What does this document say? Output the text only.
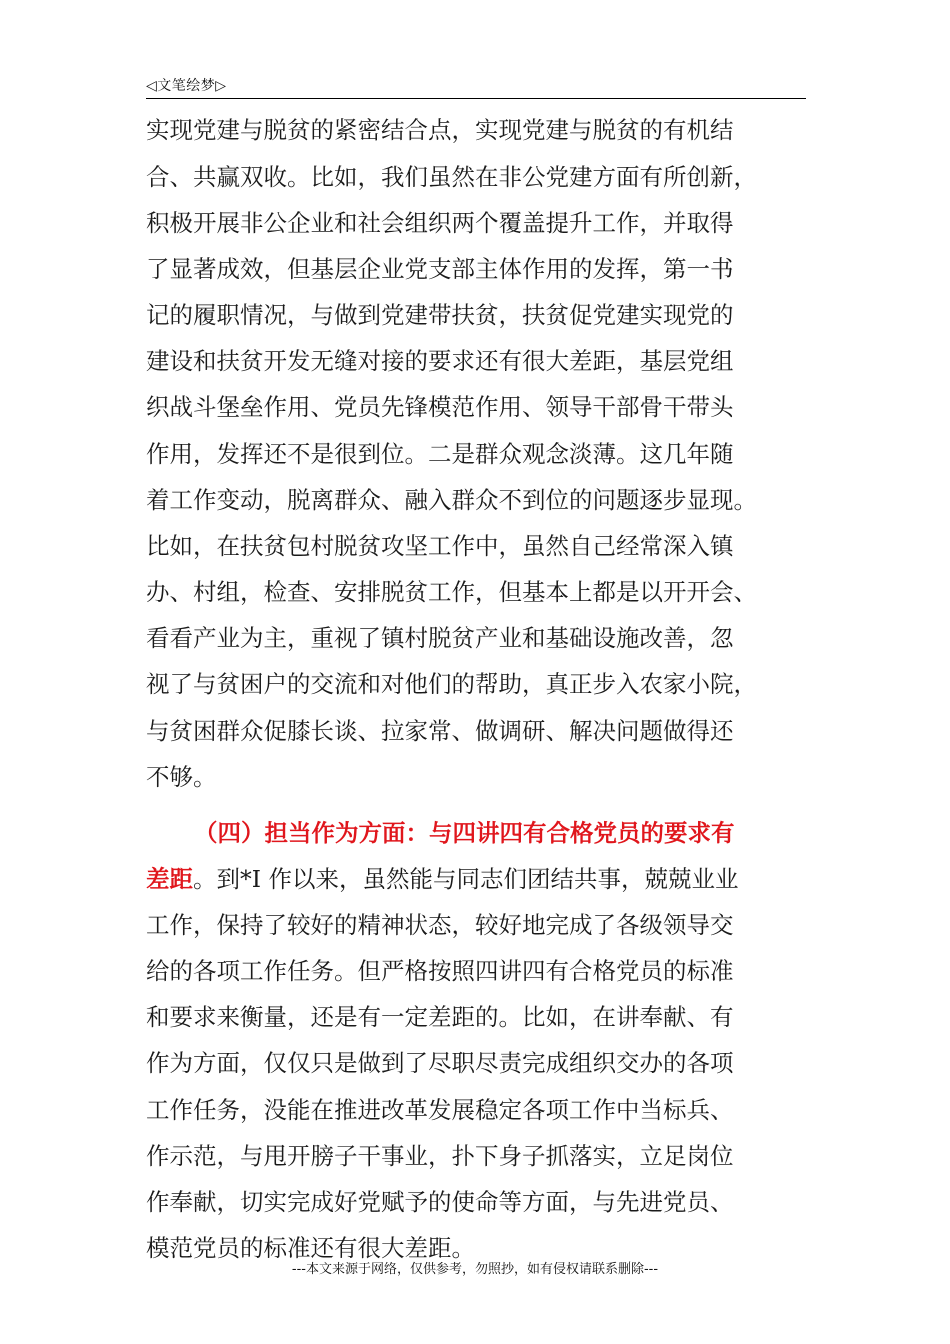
◁文笔绘梦▷
实现党建与脱贫的紧密结合点，实现党建与脱贫的有机结
合、共赢双收。比如，我们虽然在非公党建方面有所创新，
积极开展非公企业和社会组织两个覆盖提升工作，并取得
了显著成效，但基层企业党支部主体作用的发挥，第一书
记的履职情况，与做到党建带扶贫，扶贫促党建实现党的
建设和扶贫开发无缝对接的要求还有很大差距，基层党组
织战斗堡垒作用、党员先锋模范作用、领导干部骨干带头
作用，发挥还不是很到位。二是群众观念淡薄。这几年随
着工作变动，脱离群众、融入群众不到位的问题逐步显现。
比如，在扶贫包村脱贫攻坚工作中，虽然自己经常深入镇
办、村组，检查、安排脱贫工作，但基本上都是以开开会、
看看产业为主，重视了镇村脱贫产业和基础设施改善，忽
视了与贫困户的交流和对他们的帮助，真正步入农家小院，
与贫困群众促膝长谈、拉家常、做调研、解决问题做得还
不够。
（四）担当作为方面：与四讲四有合格党员的要求有
差距。到*I 作以来，虽然能与同志们团结共事，兢兢业业
工作，保持了较好的精神状态，较好地完成了各级领导交
给的各项工作任务。但严格按照四讲四有合格党员的标准
和要求来衡量，还是有一定差距的。比如，在讲奉献、有
作为方面，仅仅只是做到了尽职尽责完成组织交办的各项
工作任务，没能在推进改革发展稳定各项工作中当标兵、
作示范，与甩开膀子干事业，扑下身子抓落实，立足岗位
作奉献，切实完成好党赋予的使命等方面，与先进党员、
模范党员的标准还有很大差距。
---本文来源于网络，仅供参考，勿照抄，如有侵权请联系删除---
